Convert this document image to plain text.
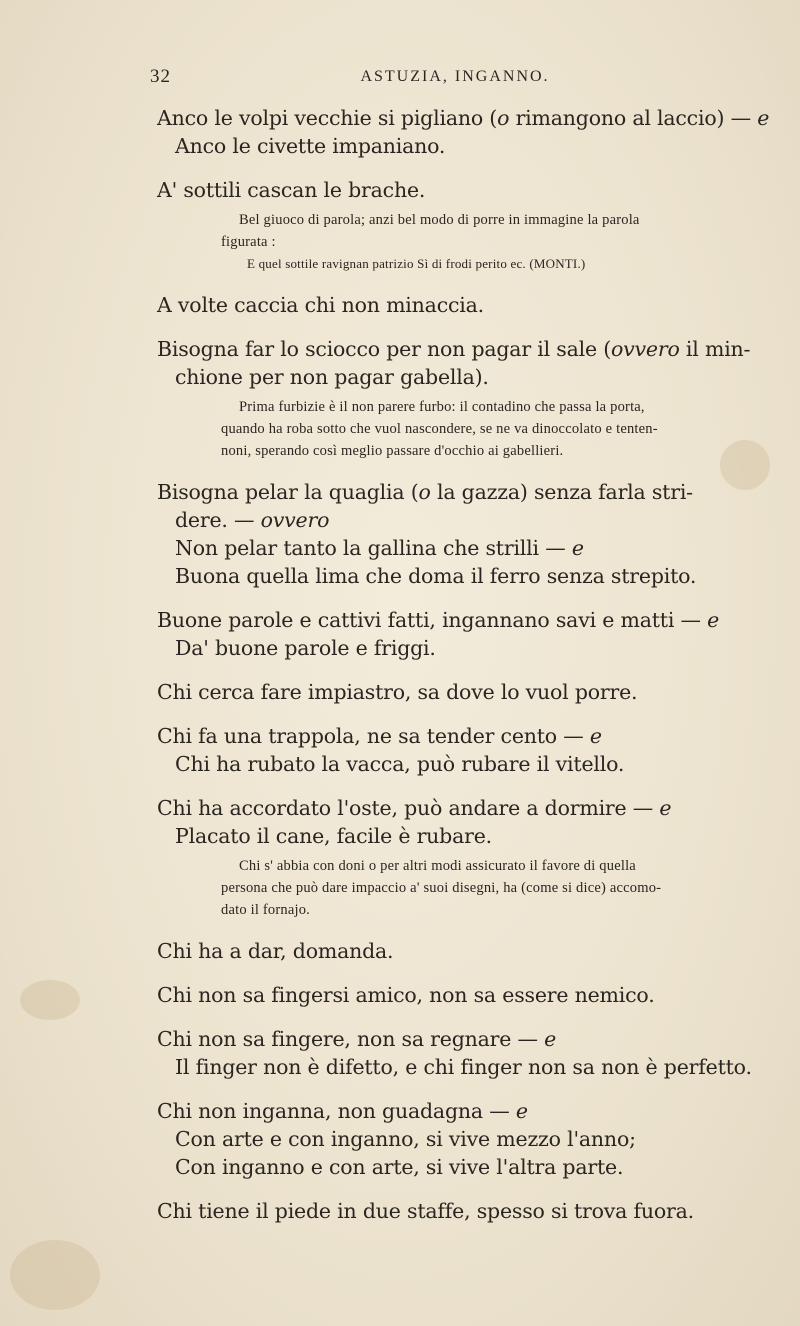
32	ASTUZIA, INGANNO.
Anco le volpi vecchie si pigliano (o rimangono al laccio) — e
Anco le civette impaniano.
A' sottili cascan le brache.
Bel giuoco di parola; anzi bel modo di porre in immagine la parola
figurata :
E quel sottile ravignan patrizio Sì di frodi perito ec. (MONTI.)
A volte caccia chi non minaccia.
Bisogna far lo sciocco per non pagar il sale (ovvero il min-
chione per non pagar gabella).
Prima furbizie è il non parere furbo: il contadino che passa la porta,
quando ha roba sotto che vuol nascondere, se ne va dinoccolato e tenten-
noni, sperando così meglio passare d'occhio ai gabellieri.
Bisogna pelar la quaglia (o la gazza) senza farla stri-
dere. — ovvero
Non pelar tanto la gallina che strilli — e
Buona quella lima che doma il ferro senza strepito.
Buone parole e cattivi fatti, ingannano savi e matti — e
Da' buone parole e friggi.
Chi cerca fare impiastro, sa dove lo vuol porre.
Chi fa una trappola, ne sa tender cento — e
Chi ha rubato la vacca, può rubare il vitello.
Chi ha accordato l'oste, può andare a dormire — e
Placato il cane, facile è rubare.
Chi s' abbia con doni o per altri modi assicurato il favore di quella
persona che può dare impaccio a' suoi disegni, ha (come si dice) accomo-
dato il fornajo.
Chi ha a dar, domanda.
Chi non sa fingersi amico, non sa essere nemico.
Chi non sa fingere, non sa regnare — e
Il finger non è difetto, e chi finger non sa non è perfetto.
Chi non inganna, non guadagna — e
Con arte e con inganno, si vive mezzo l'anno;
Con inganno e con arte, si vive l'altra parte.
Chi tiene il piede in due staffe, spesso si trova fuora.
